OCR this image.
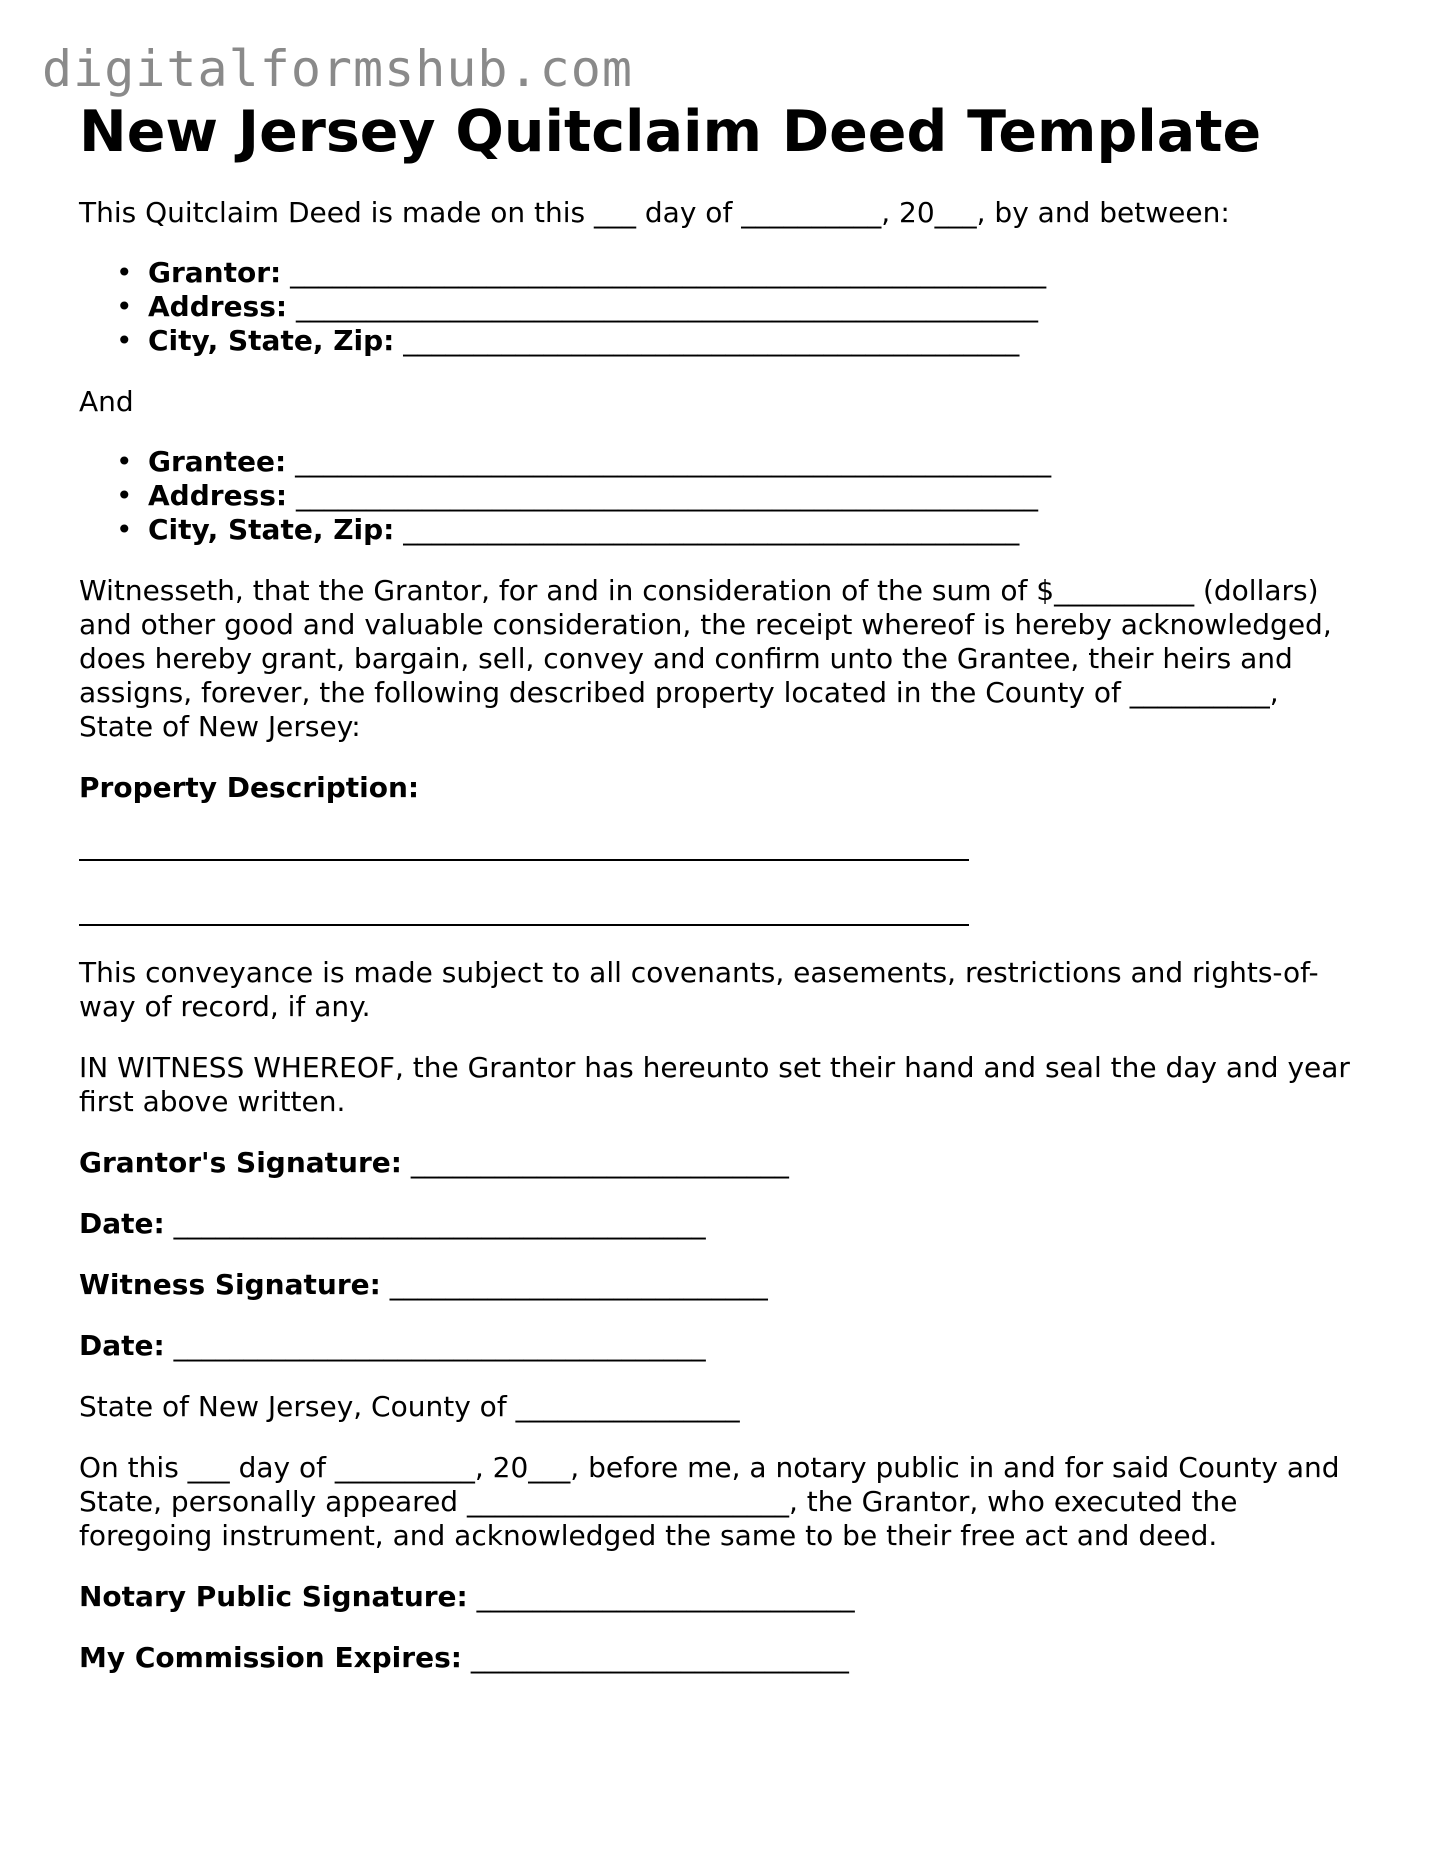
digitalformshub.com
New Jersey Quitclaim Deed Template

This Quitclaim Deed is made on this ___ day of __________, 20___, by and between:

• Grantor: ______________________________________________________
• Address: _____________________________________________________
• City, State, Zip: ____________________________________________

And

• Grantee: ______________________________________________________
• Address: _____________________________________________________
• City, State, Zip: ____________________________________________

Witnesseth, that the Grantor, for and in consideration of the sum of $__________ (dollars) and other good and valuable consideration, the receipt whereof is hereby acknowledged, does hereby grant, bargain, sell, convey and confirm unto the Grantee, their heirs and assigns, forever, the following described property located in the County of __________, State of New Jersey:

Property Description:

This conveyance is made subject to all covenants, easements, restrictions and rights-of-way of record, if any.

IN WITNESS WHEREOF, the Grantor has hereunto set their hand and seal the day and year first above written.

Grantor's Signature: ___________________________

Date: ______________________________________

Witness Signature: ___________________________

Date: ______________________________________

State of New Jersey, County of ________________

On this ___ day of __________, 20___, before me, a notary public in and for said County and State, personally appeared _______________________, the Grantor, who executed the foregoing instrument, and acknowledged the same to be their free act and deed.

Notary Public Signature: ___________________________

My Commission Expires: ___________________________
